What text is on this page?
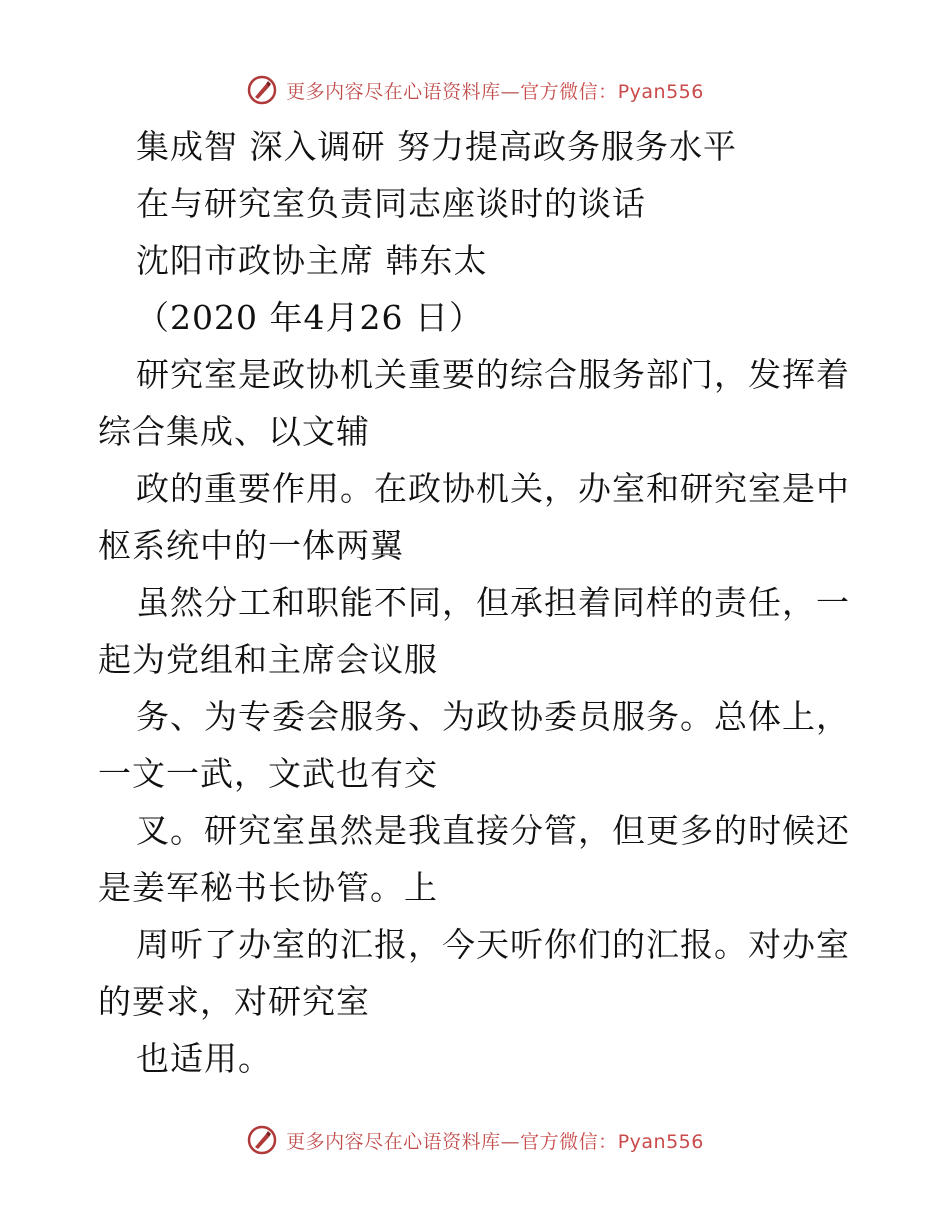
更多内容尽在心语资料库—官方微信：Pyan556
集成智 深入调研 努力提高政务服务水平
在与研究室负责同志座谈时的谈话
沈阳市政协主席 韩东太
（2020 年4月26 日）
研究室是政协机关重要的综合服务部门，发挥着
综合集成、以文辅
政的重要作用。在政协机关，办室和研究室是中
枢系统中的一体两翼
虽然分工和职能不同，但承担着同样的责任，一
起为党组和主席会议服
务、为专委会服务、为政协委员服务。总体上，
一文一武，文武也有交
叉。研究室虽然是我直接分管，但更多的时候还
是姜军秘书长协管。上
周听了办室的汇报，今天听你们的汇报。对办室
的要求，对研究室
也适用。
更多内容尽在心语资料库—官方微信：Pyan556
